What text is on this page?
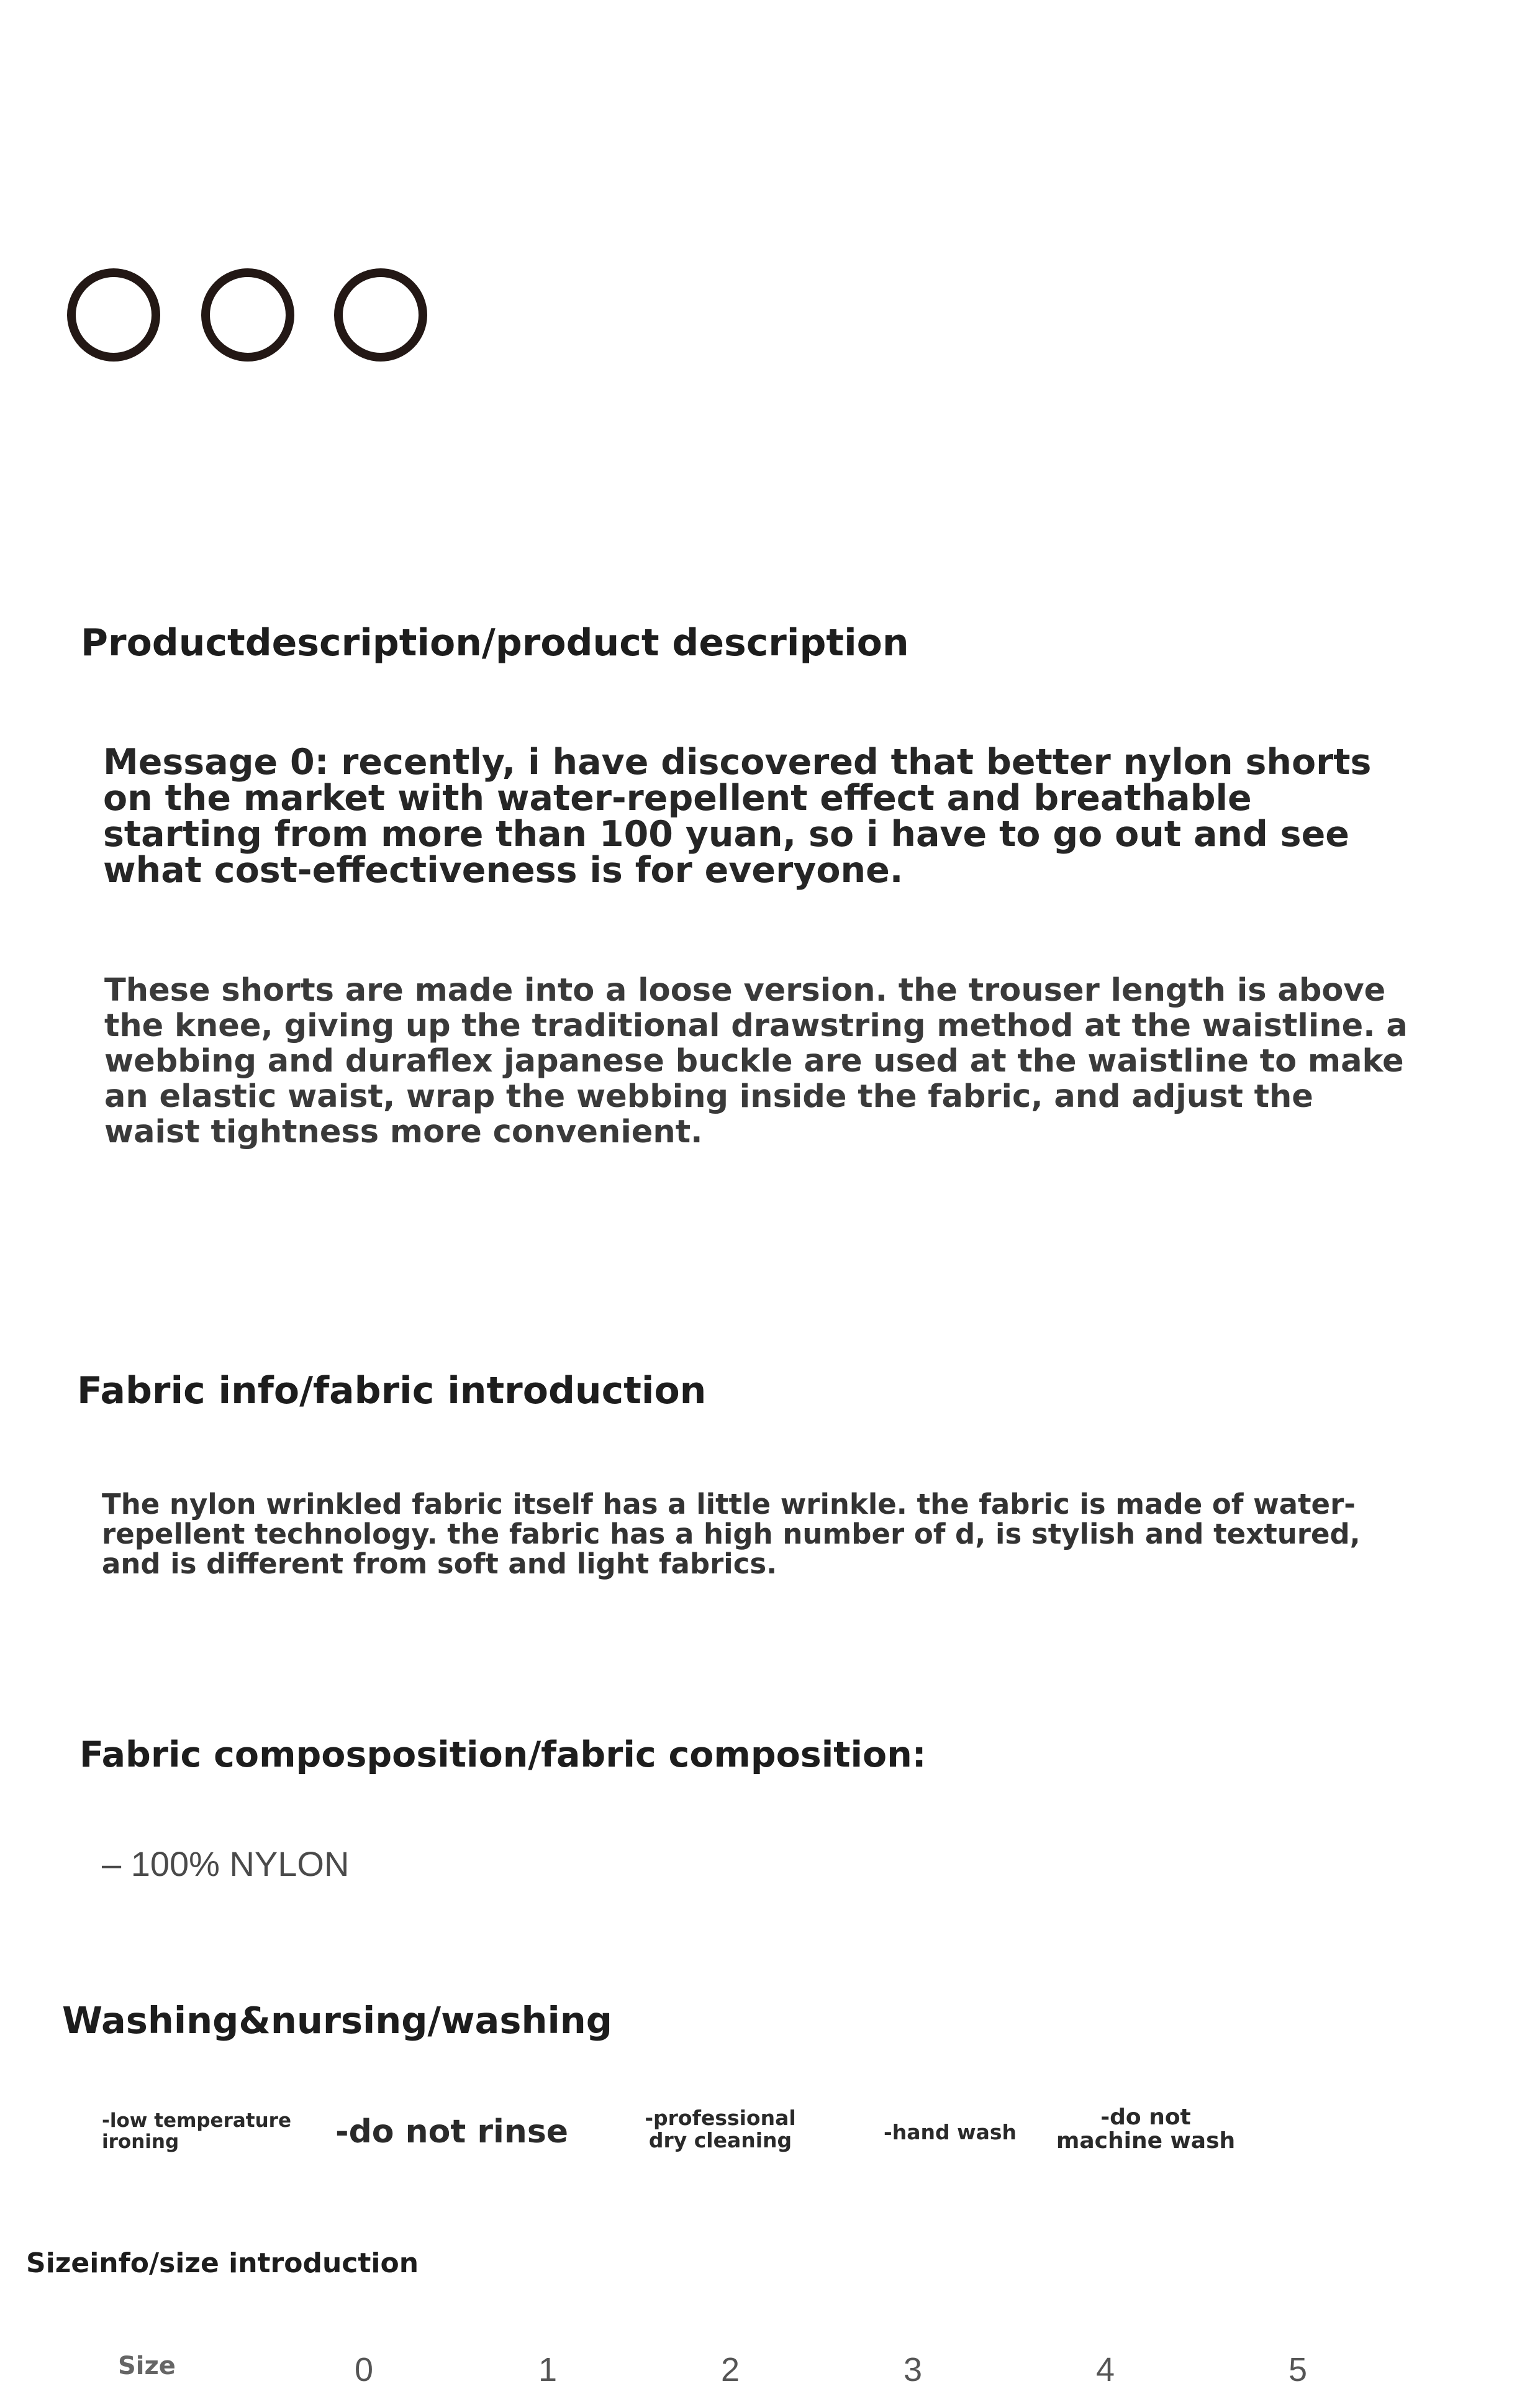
Productdescription/product description
Message 0: recently, i have discovered that better nylon shorts on the market with water-repellent effect and breathable starting from more than 100 yuan, so i have to go out and see what cost-effectiveness is for everyone.
These shorts are made into a loose version. the trouser length is above the knee, giving up the traditional drawstring method at the waistline. a webbing and duraflex japanese buckle are used at the waistline to make an elastic waist, wrap the webbing inside the fabric, and adjust the waist tightness more convenient.
Fabric info/fabric introduction
The nylon wrinkled fabric itself has a little wrinkle. the fabric is made of water-repellent technology. the fabric has a high number of d, is stylish and textured, and is different from soft and light fabrics.
Fabric composposition/fabric composition:
– 100% NYLON
Washing&nursing/washing
-low temperature ironing	-do not rinse	-professional dry cleaning	-hand wash
-do not machine wash
Sizeinfo/size introduction
Size	0	1	2	3	4	5
